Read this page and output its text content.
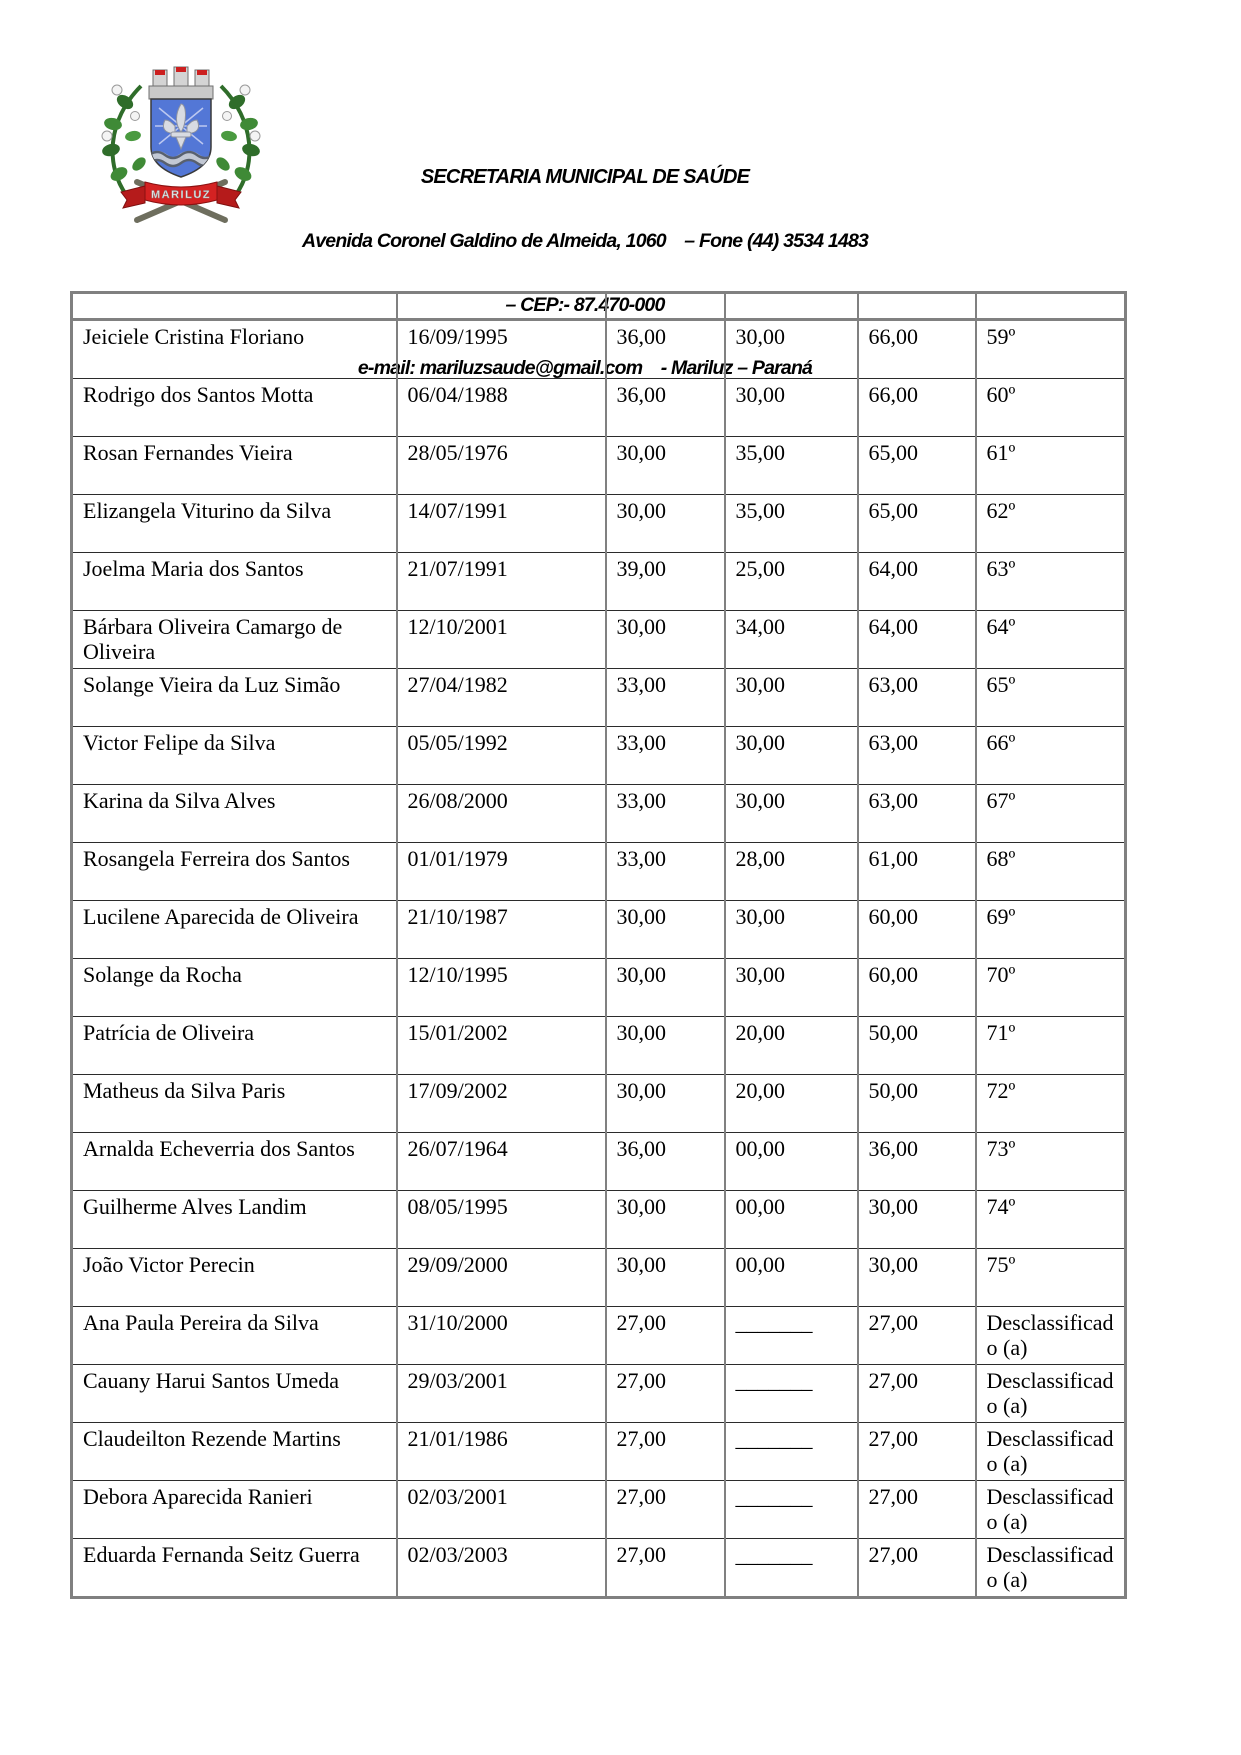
MARILUZ

SECRETARIA MUNICIPAL DE SAÚDE

Avenida Coronel Galdino de Almeida, 1060    – Fone (44) 3534 1483

– CEP:- 87.470-000

e-mail: mariluzsaude@gmail.com    - Mariluz – Paraná

Jeiciele Cristina Floriano	16/09/1995	36,00	30,00	66,00	59º
Rodrigo dos Santos Motta	06/04/1988	36,00	30,00	66,00	60º
Rosan Fernandes Vieira	28/05/1976	30,00	35,00	65,00	61º
Elizangela Viturino da Silva	14/07/1991	30,00	35,00	65,00	62º
Joelma Maria dos Santos	21/07/1991	39,00	25,00	64,00	63º
Bárbara Oliveira Camargo de Oliveira	12/10/2001	30,00	34,00	64,00	64º
Solange Vieira da Luz Simão	27/04/1982	33,00	30,00	63,00	65º
Victor Felipe da Silva	05/05/1992	33,00	30,00	63,00	66º
Karina da Silva Alves	26/08/2000	33,00	30,00	63,00	67º
Rosangela Ferreira dos Santos	01/01/1979	33,00	28,00	61,00	68º
Lucilene Aparecida de Oliveira	21/10/1987	30,00	30,00	60,00	69º
Solange da Rocha	12/10/1995	30,00	30,00	60,00	70º
Patrícia de Oliveira	15/01/2002	30,00	20,00	50,00	71º
Matheus da Silva Paris	17/09/2002	30,00	20,00	50,00	72º
Arnalda Echeverria dos Santos	26/07/1964	36,00	00,00	36,00	73º
Guilherme Alves Landim	08/05/1995	30,00	00,00	30,00	74º
João Victor Perecin	29/09/2000	30,00	00,00	30,00	75º
Ana Paula Pereira da Silva	31/10/2000	27,00	_______	27,00	Desclassificado (a)
Cauany Harui Santos Umeda	29/03/2001	27,00	_______	27,00	Desclassificado (a)
Claudeilton Rezende Martins	21/01/1986	27,00	_______	27,00	Desclassificado (a)
Debora Aparecida Ranieri	02/03/2001	27,00	_______	27,00	Desclassificado (a)
Eduarda Fernanda Seitz Guerra	02/03/2003	27,00	_______	27,00	Desclassificado (a)
